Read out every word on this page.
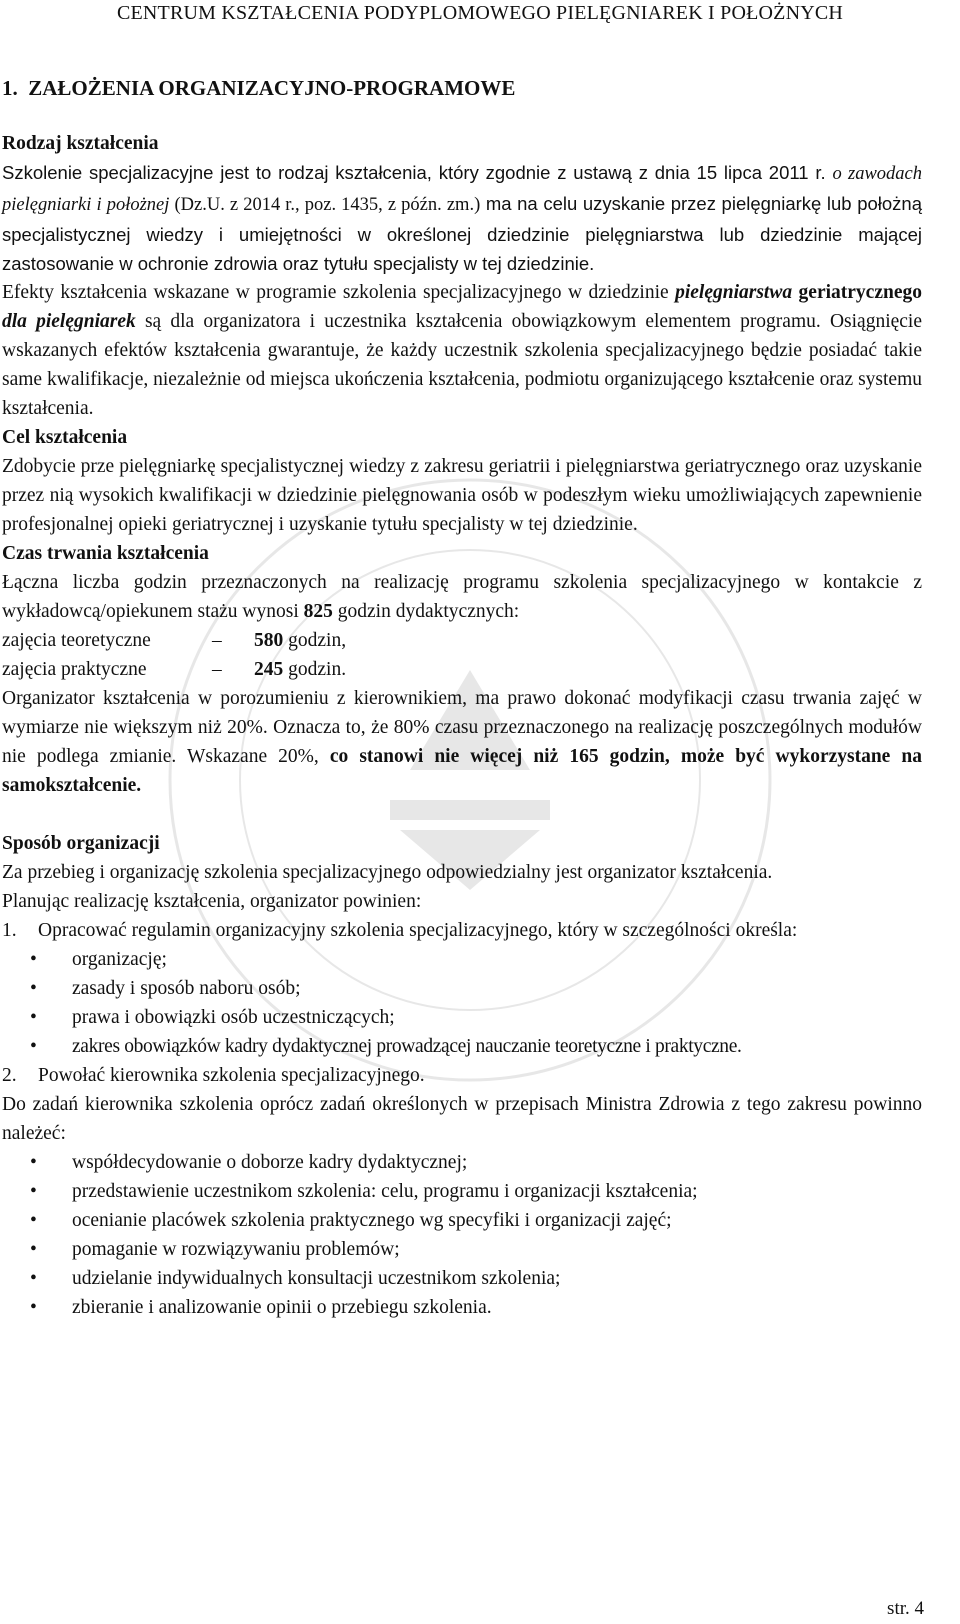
CENTRUM KSZTAŁCENIA PODYPLOMOWEGO PIELĘGNIAREK I POŁOŻNYCH
1. ZAŁOŻENIA ORGANIZACYJNO-PROGRAMOWE
Rodzaj kształcenia

Szkolenie specjalizacyjne jest to rodzaj kształcenia, który zgodnie z ustawą z dnia 15 lipca 2011 r. o zawodach pielęgniarki i położnej (Dz.U. z 2014 r., poz. 1435, z późn. zm.) ma na celu uzyskanie przez pielęgniarkę lub położną specjalistycznej wiedzy i umiejętności w określonej dziedzinie pielęgniarstwa lub dziedzinie mającej zastosowanie w ochronie zdrowia oraz tytułu specjalisty w tej dziedzinie.

Efekty kształcenia wskazane w programie szkolenia specjalizacyjnego w dziedzinie pielęgniarstwa geriatrycznego dla pielęgniarek są dla organizatora i uczestnika kształcenia obowiązkowym elementem programu. Osiągnięcie wskazanych efektów kształcenia gwarantuje, że każdy uczestnik szkolenia specjalizacyjnego będzie posiadać takie same kwalifikacje, niezależnie od miejsca ukończenia kształcenia, podmiotu organizującego kształcenie oraz systemu kształcenia.

Cel kształcenia

Zdobycie prze pielęgniarkę specjalistycznej wiedzy z zakresu geriatrii i pielęgniarstwa geriatrycznego oraz uzyskanie przez nią wysokich kwalifikacji w dziedzinie pielęgnowania osób w podeszłym wieku umożliwiających zapewnienie profesjonalnej opieki geriatrycznej i uzyskanie tytułu specjalisty w tej dziedzinie.

Czas trwania kształcenia

Łączna liczba godzin przeznaczonych na realizację programu szkolenia specjalizacyjnego w kontakcie z wykładowcą/opiekunem stażu wynosi 825 godzin dydaktycznych:

zajęcia teoretyczne	–	580 godzin,
zajęcia praktyczne	–	245 godzin.

Organizator kształcenia w porozumieniu z kierownikiem, ma prawo dokonać modyfikacji czasu trwania zajęć w wymiarze nie większym niż 20%. Oznacza to, że 80% czasu przeznaczonego na realizację poszczególnych modułów nie podlega zmianie. Wskazane 20%, co stanowi nie więcej niż 165 godzin, może być wykorzystane na samokształcenie.

Sposób organizacji

Za przebieg i organizację szkolenia specjalizacyjnego odpowiedzialny jest organizator kształcenia.

Planując realizację kształcenia, organizator powinien:

1. Opracować regulamin organizacyjny szkolenia specjalizacyjnego, który w szczególności określa:
• organizację;
• zasady i sposób naboru osób;
• prawa i obowiązki osób uczestniczących;
• zakres obowiązków kadry dydaktycznej prowadzącej nauczanie teoretyczne i praktyczne.
2. Powołać kierownika szkolenia specjalizacyjnego.

Do zadań kierownika szkolenia oprócz zadań określonych w przepisach Ministra Zdrowia z tego zakresu powinno należeć:

• współdecydowanie o doborze kadry dydaktycznej;
• przedstawienie uczestnikom szkolenia: celu, programu i organizacji kształcenia;
• ocenianie placówek szkolenia praktycznego wg specyfiki i organizacji zajęć;
• pomaganie w rozwiązywaniu problemów;
• udzielanie indywidualnych konsultacji uczestnikom szkolenia;
• zbieranie i analizowanie opinii o przebiegu szkolenia.
str. 4
